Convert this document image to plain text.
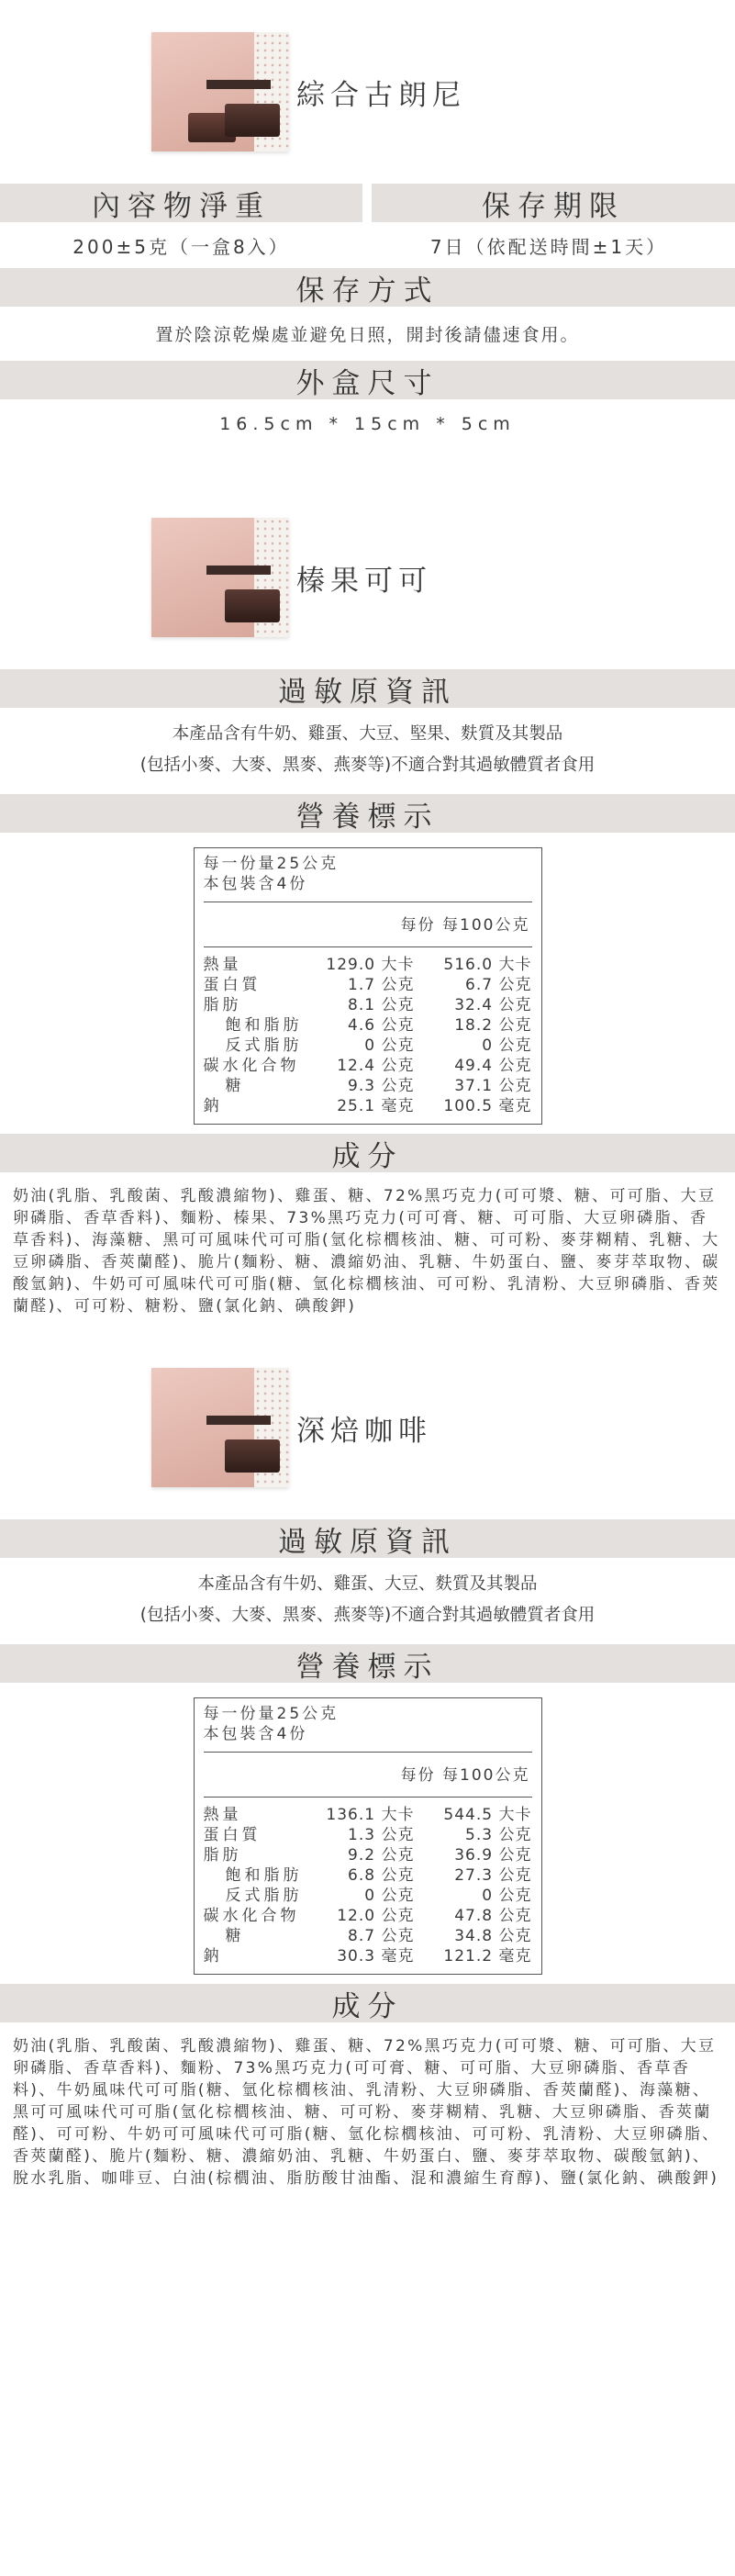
綜合古朗尼
內容物淨重	保存期限
200±5克（一盒8入）	7日（依配送時間±1天）
保存方式
置於陰涼乾燥處並避免日照，開封後請儘速食用。
外盒尺寸
16.5cm * 15cm * 5cm
榛果可可
過敏原資訊
本產品含有牛奶、雞蛋、大豆、堅果、麩質及其製品
(包括小麥、大麥、黑麥、燕麥等)不適合對其過敏體質者食用
營養標示
每一份量25公克
本包裝含4份
每份 每100公克
熱量	129.0 大卡	516.0 大卡
蛋白質	1.7 公克	6.7 公克
脂肪	8.1 公克	32.4 公克
飽和脂肪	4.6 公克	18.2 公克
反式脂肪	0 公克	0 公克
碳水化合物	12.4 公克	49.4 公克
糖	9.3 公克	37.1 公克
鈉	25.1 毫克	100.5 毫克
成分
奶油(乳脂、乳酸菌、乳酸濃縮物)、雞蛋、糖、72%黑巧克力(可可漿、糖、可可脂、大豆卵磷脂、香草香料)、麵粉、榛果、73%黑巧克力(可可膏、糖、可可脂、大豆卵磷脂、香草香料)、海藻糖、黑可可風味代可可脂(氫化棕櫚核油、糖、可可粉、麥芽糊精、乳糖、大豆卵磷脂、香莢蘭醛)、脆片(麵粉、糖、濃縮奶油、乳糖、牛奶蛋白、鹽、麥芽萃取物、碳酸氫鈉)、牛奶可可風味代可可脂(糖、氫化棕櫚核油、可可粉、乳清粉、大豆卵磷脂、香莢蘭醛)、可可粉、糖粉、鹽(氯化鈉、碘酸鉀)
深焙咖啡
過敏原資訊
本產品含有牛奶、雞蛋、大豆、麩質及其製品
(包括小麥、大麥、黑麥、燕麥等)不適合對其過敏體質者食用
營養標示
每一份量25公克
本包裝含4份
每份 每100公克
熱量	136.1 大卡	544.5 大卡
蛋白質	1.3 公克	5.3 公克
脂肪	9.2 公克	36.9 公克
飽和脂肪	6.8 公克	27.3 公克
反式脂肪	0 公克	0 公克
碳水化合物	12.0 公克	47.8 公克
糖	8.7 公克	34.8 公克
鈉	30.3 毫克	121.2 毫克
成分
奶油(乳脂、乳酸菌、乳酸濃縮物)、雞蛋、糖、72%黑巧克力(可可漿、糖、可可脂、大豆卵磷脂、香草香料)、麵粉、73%黑巧克力(可可膏、糖、可可脂、大豆卵磷脂、香草香料)、牛奶風味代可可脂(糖、氫化棕櫚核油、乳清粉、大豆卵磷脂、香莢蘭醛)、海藻糖、黑可可風味代可可脂(氫化棕櫚核油、糖、可可粉、麥芽糊精、乳糖、大豆卵磷脂、香莢蘭醛)、可可粉、牛奶可可風味代可可脂(糖、氫化棕櫚核油、可可粉、乳清粉、大豆卵磷脂、香莢蘭醛)、脆片(麵粉、糖、濃縮奶油、乳糖、牛奶蛋白、鹽、麥芽萃取物、碳酸氫鈉)、脫水乳脂、咖啡豆、白油(棕櫚油、脂肪酸甘油酯、混和濃縮生育醇)、鹽(氯化鈉、碘酸鉀)
